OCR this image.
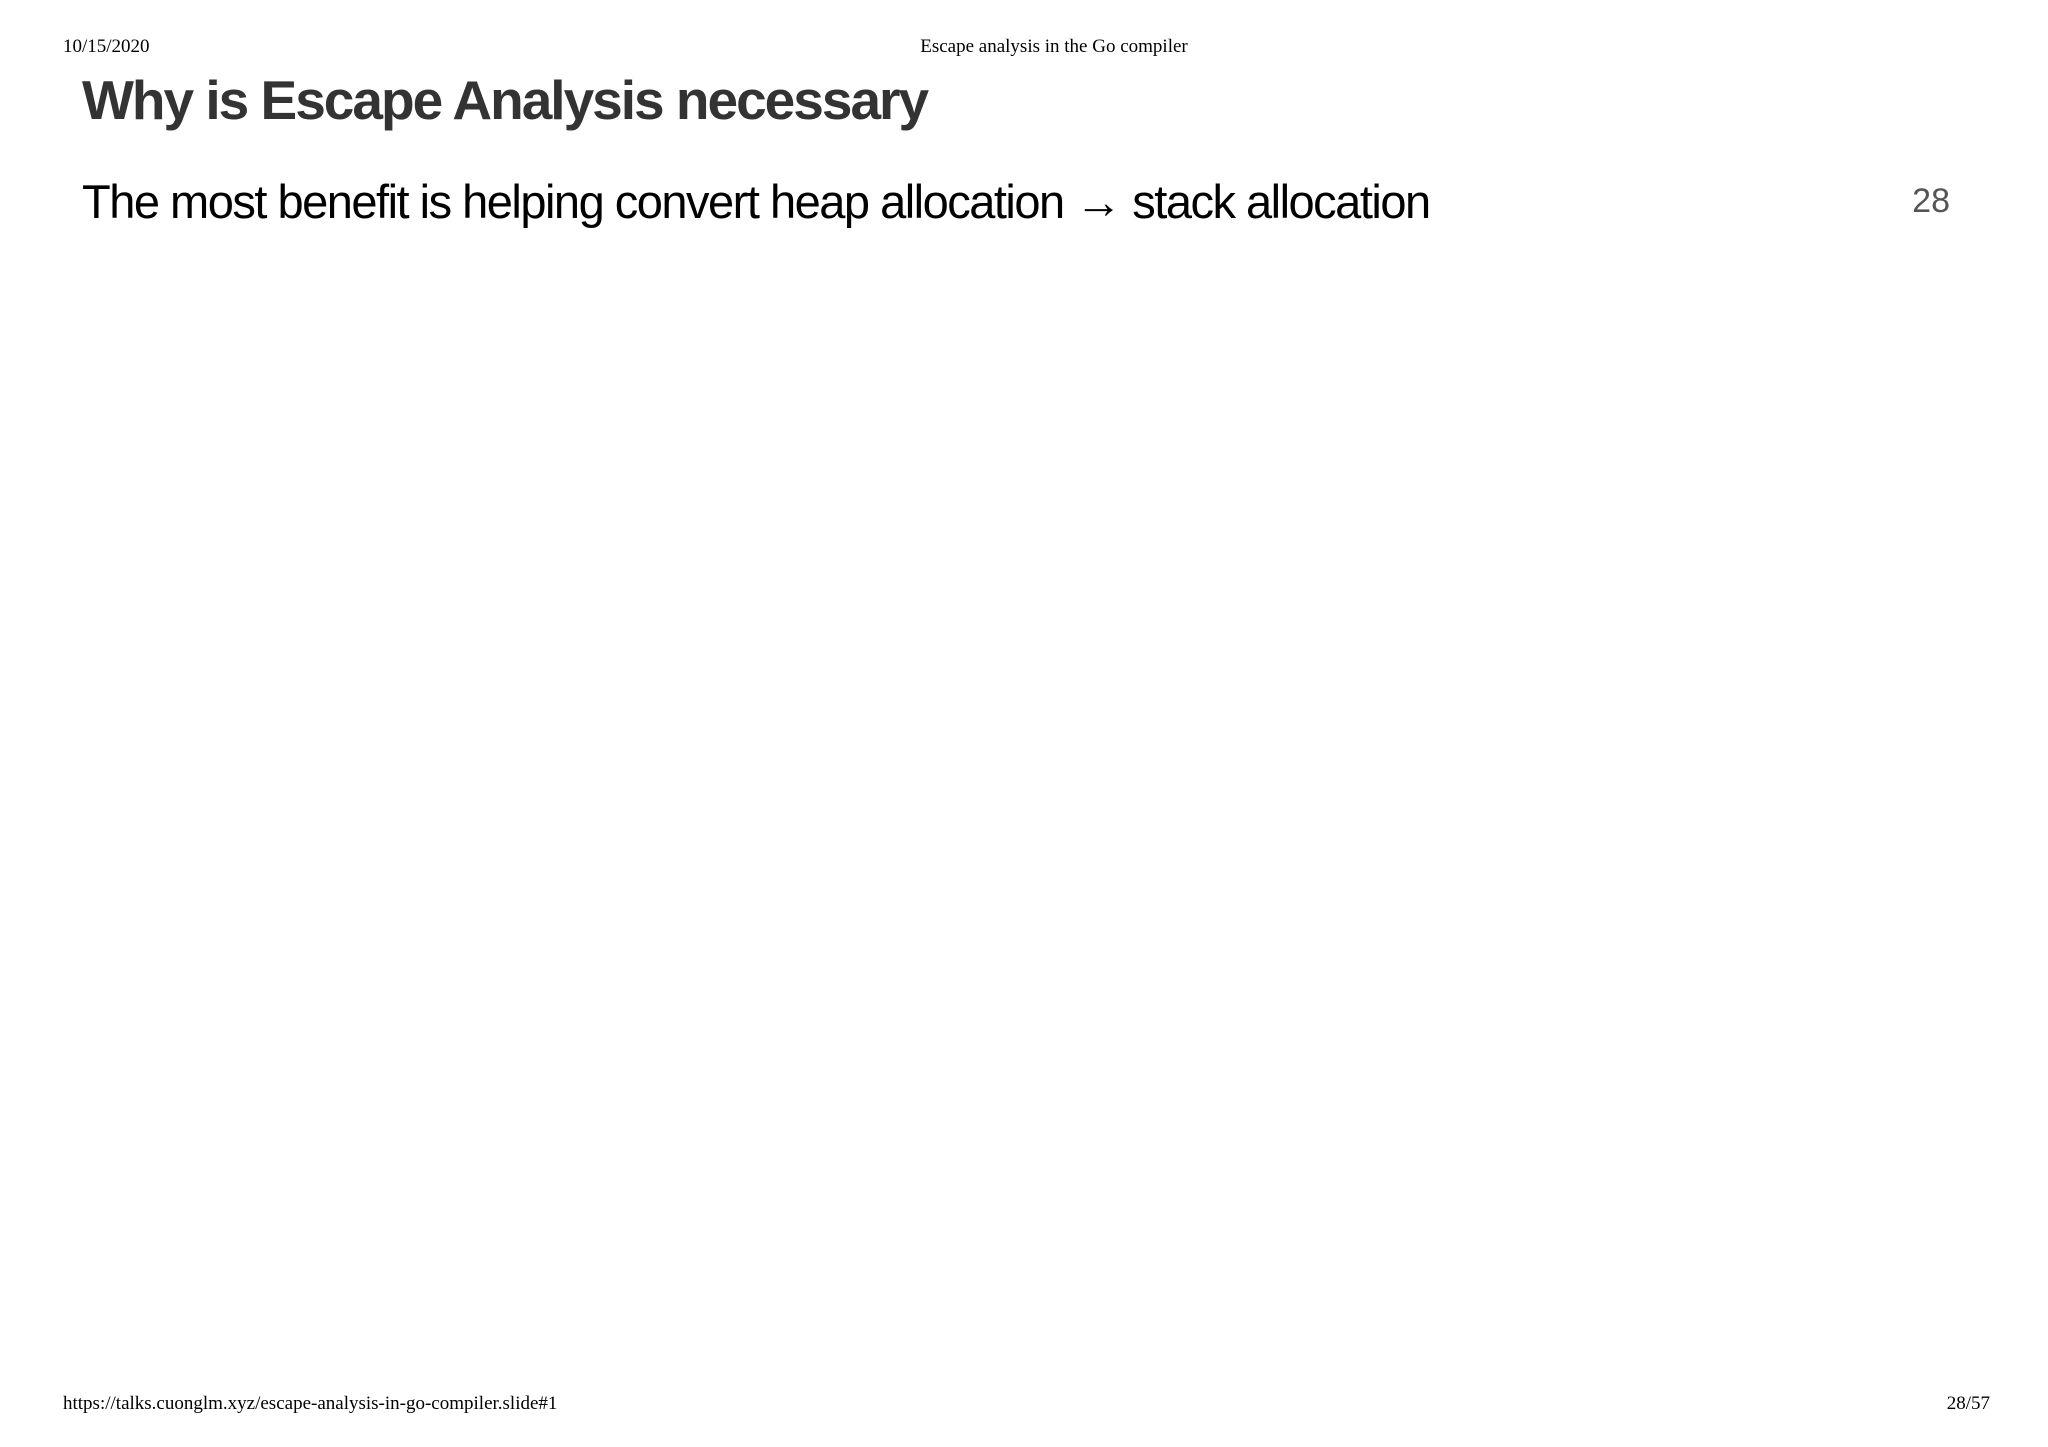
10/15/2020	Escape analysis in the Go compiler
Why is Escape Analysis necessary

The most benefit is helping convert heap allocation → stack allocation	28
https://talks.cuonglm.xyz/escape-analysis-in-go-compiler.slide#1	28/57
